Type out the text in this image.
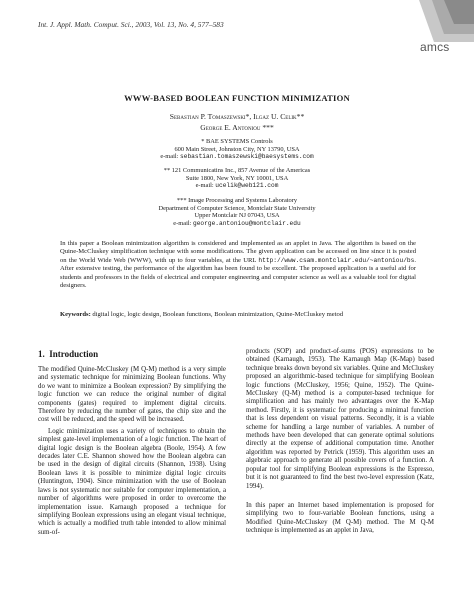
Int. J. Appl. Math. Comput. Sci., 2003, Vol. 13, No. 4, 577–583
amcs
WWW-BASED BOOLEAN FUNCTION MINIMIZATION
Sebastian P. Tomaszewski*, Ilgaz U. Celik**
George E. Antoniou ***
* BAE SYSTEMS Controls
600 Main Street, Johnston City, NY 13790, USA
e-mail: sebastian.tomaszewski@baesystems.com
** 121 Communicatins Inc., 857 Avenue of the Americas
Suite 1800, New York, NY 10001, USA
e-mail: ucelik@web121.com
*** Image Processing and Systems Laboratory
Department of Computer Science, Montclair State University
Upper Montclair NJ 07043, USA
e-mail: george.antoniou@montclair.edu
In this paper a Boolean minimization algorithm is considered and implemented as an applet in Java. The algorithm is based on the Quine-McCluskey simplification technique with some modifications. The given application can be accessed on line since it is posted on the World Wide Web (WWW), with up to four variables, at the URL http://www.csam.montclair.edu/~antoniou/bs. After extensive testing, the performance of the algorithm has been found to be excellent. The proposed application is a useful aid for students and professors in the fields of electrical and computer engineering and computer science as well as a valuable tool for digital designers.
Keywords: digital logic, logic design, Boolean functions, Boolean minimization, Quine-McCluskey metod
1. Introduction

The modified Quine-McCluskey (M Q-M) method is a very simple and systematic technique for minimizing Boolean functions. Why do we want to minimize a Boolean expression? By simplifying the logic function we can reduce the original number of digital components (gates) required to implement digital circuits. Therefore by reducing the number of gates, the chip size and the cost will be reduced, and the speed will be increased.

Logic minimization uses a variety of techniques to obtain the simplest gate-level implementation of a logic function. The heart of digital logic design is the Boolean algebra (Boole, 1954). A few decades later C.E. Shannon showed how the Boolean algebra can be used in the design of digital circuits (Shannon, 1938). Using Boolean laws it is possible to minimize digital logic circuits (Huntington, 1904). Since minimization with the use of Boolean laws is not systematic nor suitable for computer implementation, a number of algorithms were proposed in order to overcome the implementation issue. Karnaugh proposed a technique for simplifying Boolean expressions using an elegant visual technique, which is actually a modified truth table intended to allow minimal sum-of-

products (SOP) and product-of-sums (POS) expressions to be obtained (Karnaugh, 1953). The Karnaugh Map (K-Map) based technique breaks down beyond six variables. Quine and McCluskey proposed an algorithmic-based technique for simplifying Boolean logic functions (McCluskey, 1956; Quine, 1952). The Quine-McCluskey (Q-M) method is a computer-based technique for simplification and has mainly two advantages over the K-Map method. Firstly, it is systematic for producing a minimal function that is less dependent on visual patterns. Secondly, it is a viable scheme for handling a large number of variables. A number of methods have been developed that can generate optimal solutions directly at the expense of additional computation time. Another algorithm was reported by Petrick (1959). This algorithm uses an algebraic approach to generate all possible covers of a function. A popular tool for simplifying Boolean expressions is the Espresso, but it is not guaranteed to find the best two-level expression (Katz, 1994).

In this paper an Internet based implementation is proposed for simplifying two to four-variable Boolean functions, using a Modified Quine-McCluskey (M Q-M) method. The M Q-M technique is implemented as an applet in Java,
